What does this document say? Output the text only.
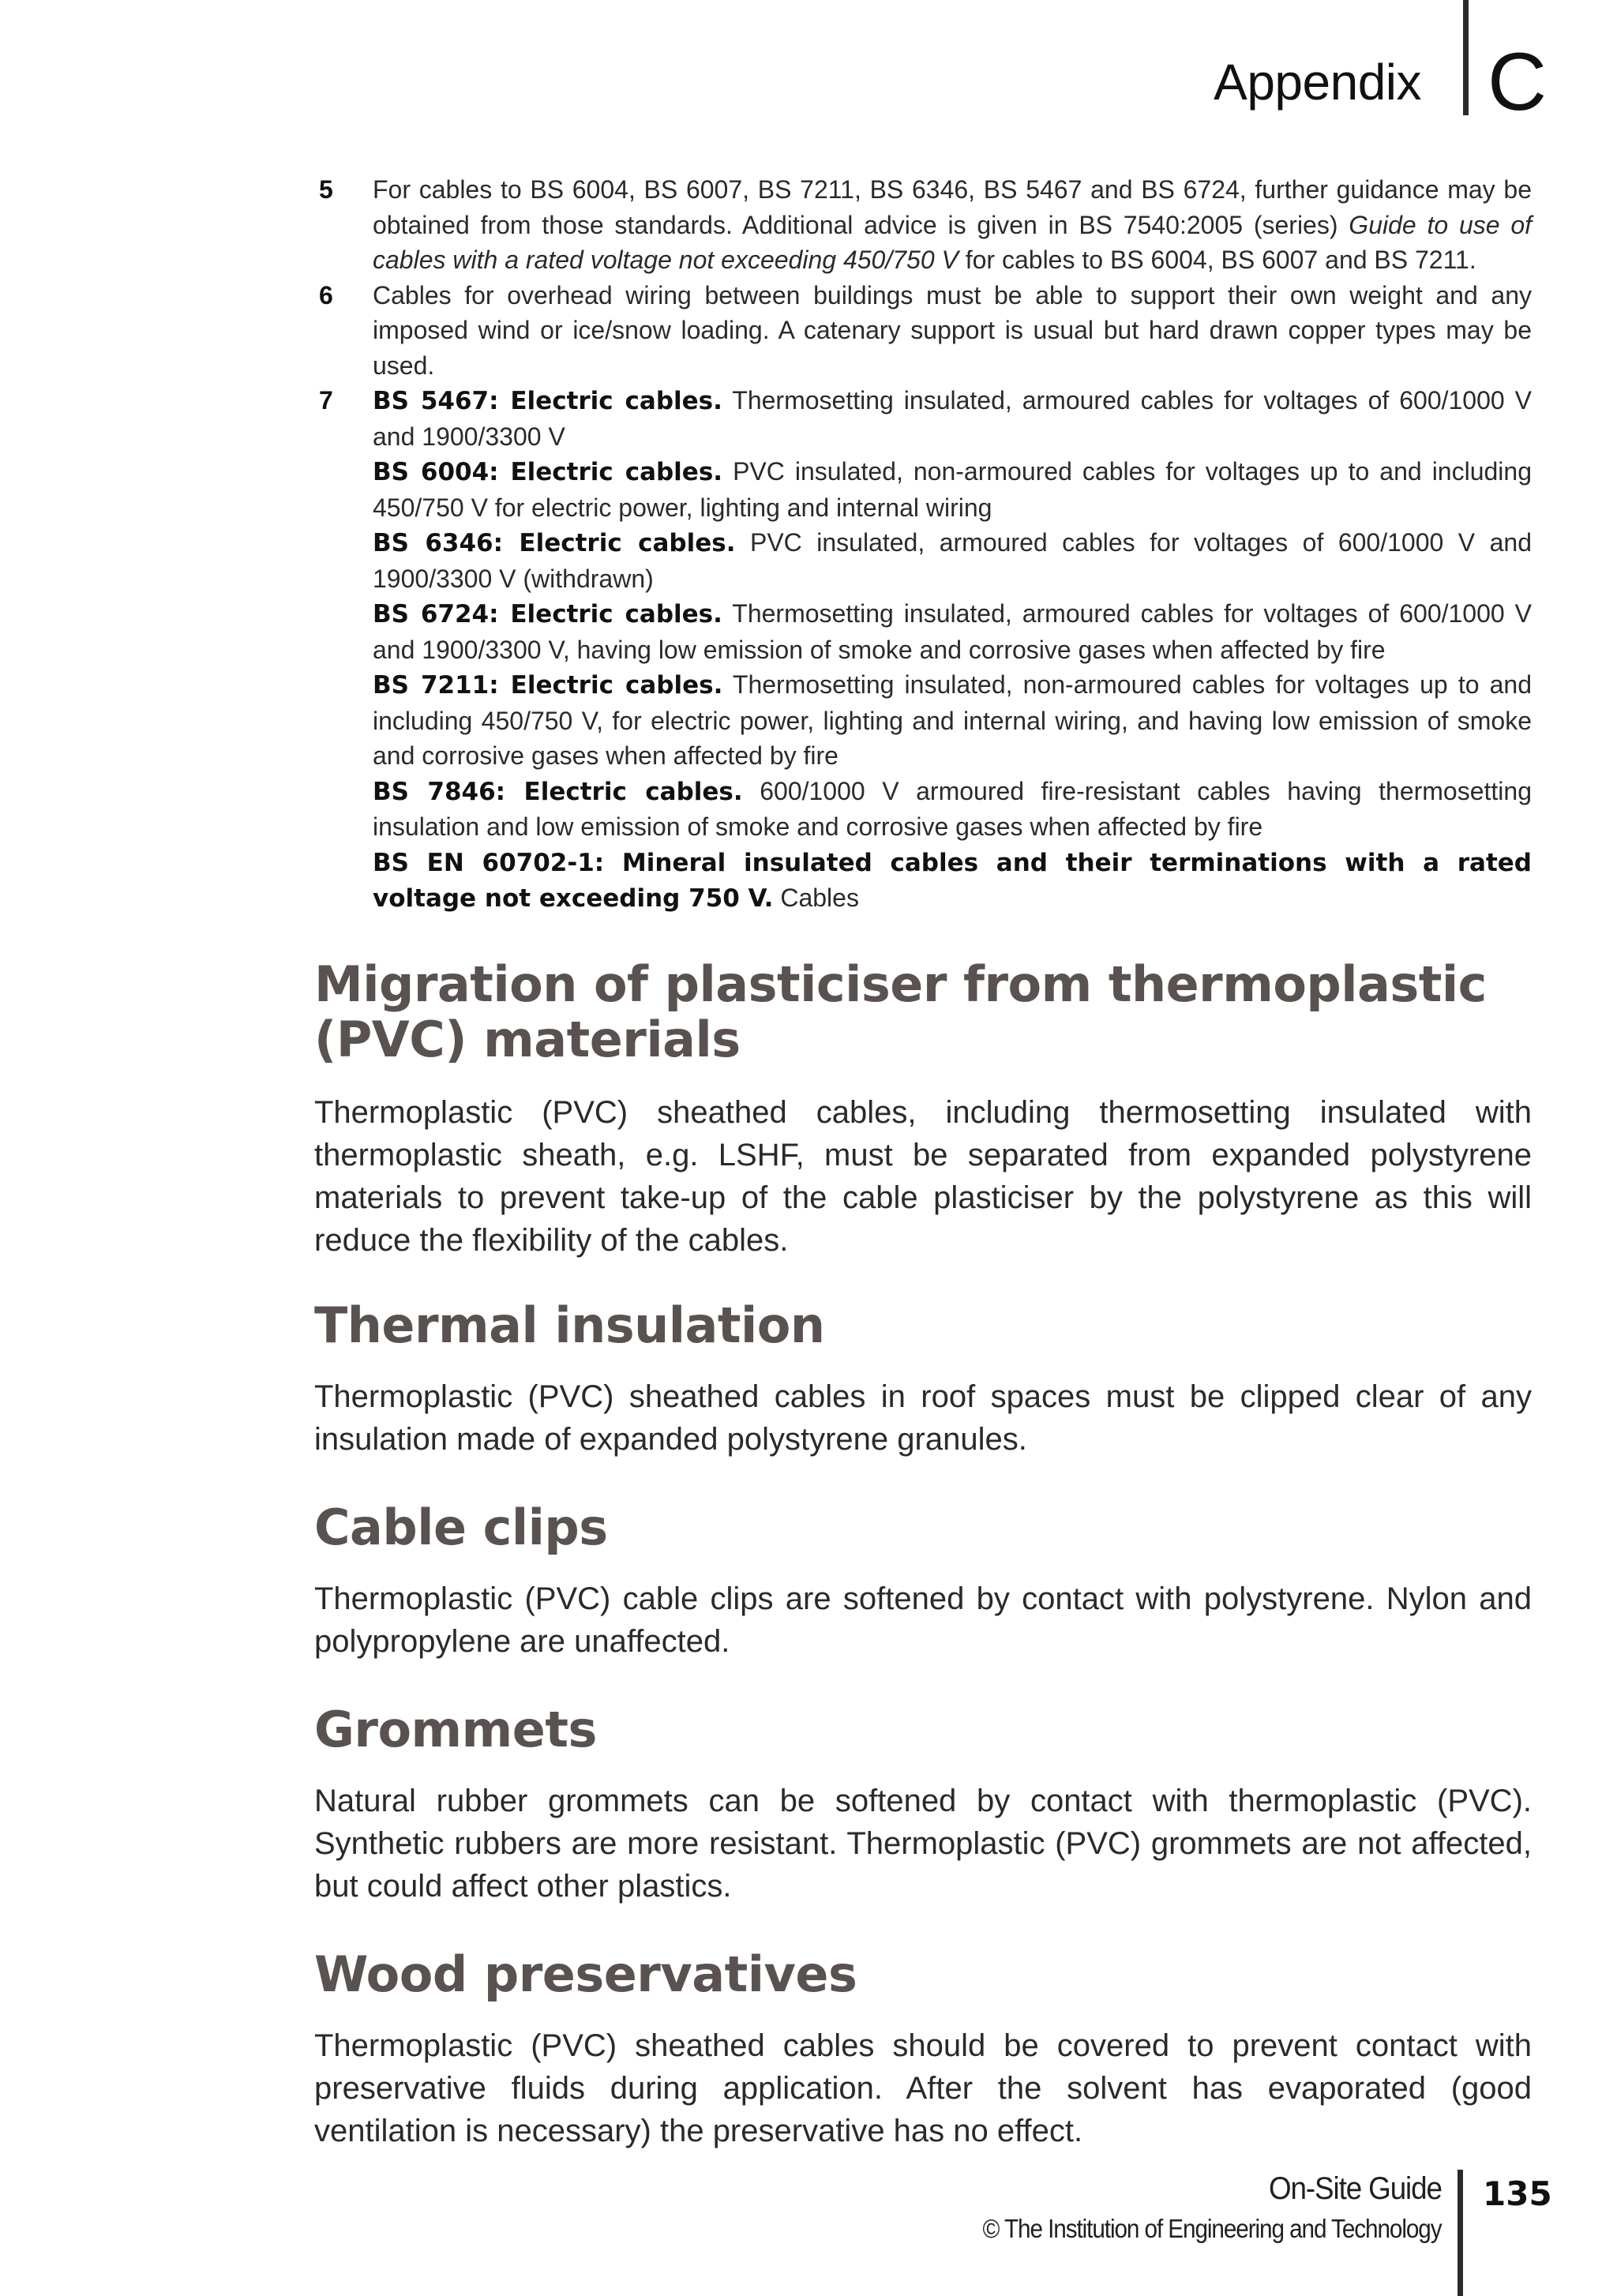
Appendix C
5 For cables to BS 6004, BS 6007, BS 7211, BS 6346, BS 5467 and BS 6724, further guidance may be obtained from those standards. Additional advice is given in BS 7540:2005 (series) Guide to use of cables with a rated voltage not exceeding 450/750 V for cables to BS 6004, BS 6007 and BS 7211.

6 Cables for overhead wiring between buildings must be able to support their own weight and any imposed wind or ice/snow loading. A catenary support is usual but hard drawn copper types may be used.

7 BS 5467: Electric cables. Thermosetting insulated, armoured cables for voltages of 600/1000 V and 1900/3300 V

BS 6004: Electric cables. PVC insulated, non-armoured cables for voltages up to and including 450/750 V for electric power, lighting and internal wiring

BS 6346: Electric cables. PVC insulated, armoured cables for voltages of 600/1000 V and 1900/3300 V (withdrawn)

BS 6724: Electric cables. Thermosetting insulated, armoured cables for voltages of 600/1000 V and 1900/3300 V, having low emission of smoke and corrosive gases when affected by fire

BS 7211: Electric cables. Thermosetting insulated, non-armoured cables for voltages up to and including 450/750 V, for electric power, lighting and internal wiring, and having low emission of smoke and corrosive gases when affected by fire

BS 7846: Electric cables. 600/1000 V armoured fire-resistant cables having thermosetting insulation and low emission of smoke and corrosive gases when affected by fire

BS EN 60702-1: Mineral insulated cables and their terminations with a rated voltage not exceeding 750 V. Cables

Migration of plasticiser from thermoplastic (PVC) materials

Thermoplastic (PVC) sheathed cables, including thermosetting insulated with thermoplastic sheath, e.g. LSHF, must be separated from expanded polystyrene materials to prevent take-up of the cable plasticiser by the polystyrene as this will reduce the flexibility of the cables.

Thermal insulation

Thermoplastic (PVC) sheathed cables in roof spaces must be clipped clear of any insulation made of expanded polystyrene granules.

Cable clips

Thermoplastic (PVC) cable clips are softened by contact with polystyrene. Nylon and polypropylene are unaffected.

Grommets

Natural rubber grommets can be softened by contact with thermoplastic (PVC). Synthetic rubbers are more resistant. Thermoplastic (PVC) grommets are not affected, but could affect other plastics.

Wood preservatives

Thermoplastic (PVC) sheathed cables should be covered to prevent contact with preservative fluids during application. After the solvent has evaporated (good ventilation is necessary) the preservative has no effect.

On-Site Guide
© The Institution of Engineering and Technology
135
